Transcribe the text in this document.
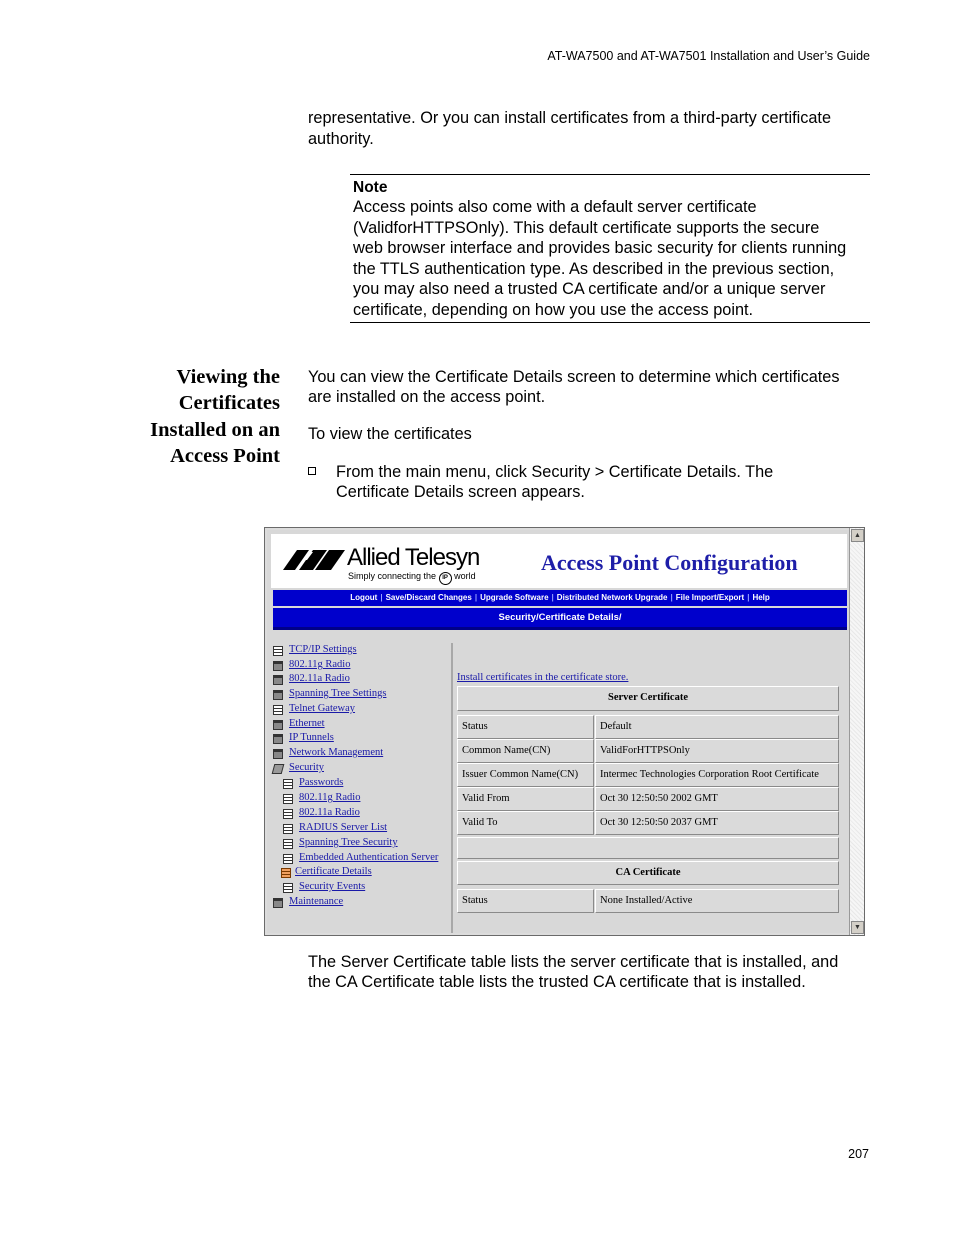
AT-WA7500 and AT-WA7501 Installation and User’s Guide
representative. Or you can install certificates from a third-party certificate
authority.
Note
Access points also come with a default server certificate
(ValidforHTTPSOnly). This default certificate supports the secure
web browser interface and provides basic security for clients running
the TTLS authentication type. As described in the previous section,
you may also need a trusted CA certificate and/or a unique server
certificate, depending on how you use the access point.
Viewing the
Certificates
Installed on an
Access Point
You can view the Certificate Details screen to determine which certificates
are installed on the access point.
To view the certificates
From the main menu, click Security > Certificate Details. The
Certificate Details screen appears.
Allied Telesyn
Simply connecting the IP world
Access Point Configuration
Logout | Save/Discard Changes | Upgrade Software | Distributed Network Upgrade | File Import/Export | Help
Security/Certificate Details/
TCP/IP Settings
802.11g Radio
802.11a Radio
Spanning Tree Settings
Telnet Gateway
Ethernet
IP Tunnels
Network Management
Security
Passwords
802.11g Radio
802.11a Radio
RADIUS Server List
Spanning Tree Security
Embedded Authentication Server
Certificate Details
Security Events
Maintenance
Install certificates in the certificate store.
Server Certificate
Status	Default
Common Name(CN)	ValidForHTTPSOnly
Issuer Common Name(CN)	Intermec Technologies Corporation Root Certificate
Valid From	Oct 30 12:50:50 2002 GMT
Valid To	Oct 30 12:50:50 2037 GMT
CA Certificate
Status	None Installed/Active
▲
▼
The Server Certificate table lists the server certificate that is installed, and
the CA Certificate table lists the trusted CA certificate that is installed.
207
